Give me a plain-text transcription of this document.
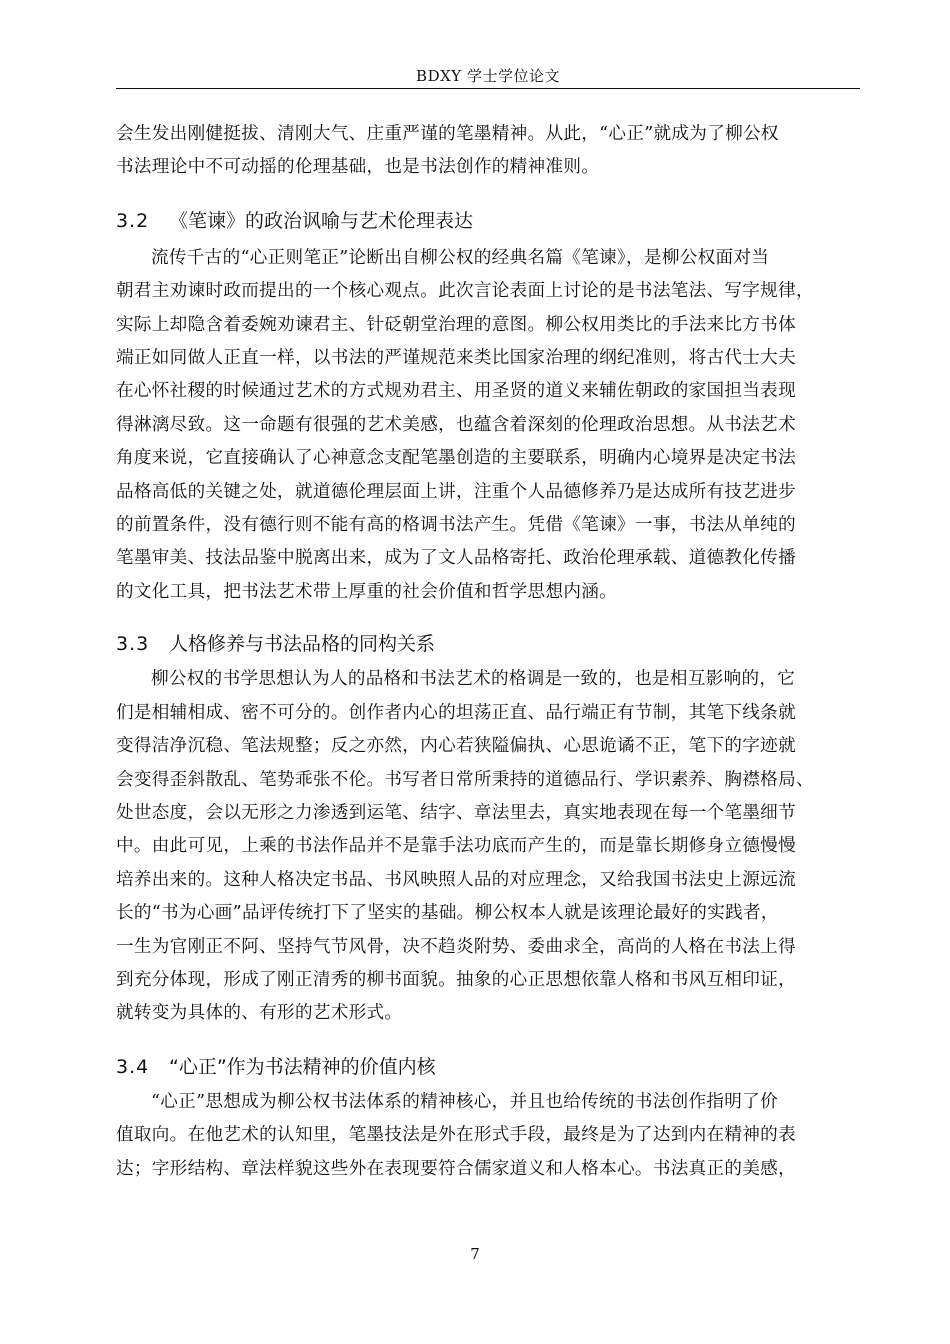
BDXY 学士学位论文

会生发出刚健挺拔、清刚大气、庄重严谨的笔墨精神。从此，“心正”就成为了柳公权

书法理论中不可动摇的伦理基础，也是书法创作的精神准则。

3.2 《笔谏》的政治讽喻与艺术伦理表达

流传千古的“心正则笔正”论断出自柳公权的经典名篇《笔谏》，是柳公权面对当

朝君主劝谏时政而提出的一个核心观点。此次言论表面上讨论的是书法笔法、写字规律，

实际上却隐含着委婉劝谏君主、针砭朝堂治理的意图。柳公权用类比的手法来比方书体

端正如同做人正直一样，以书法的严谨规范来类比国家治理的纲纪准则，将古代士大夫

在心怀社稷的时候通过艺术的方式规劝君主、用圣贤的道义来辅佐朝政的家国担当表现

得淋漓尽致。这一命题有很强的艺术美感，也蕴含着深刻的伦理政治思想。从书法艺术

角度来说，它直接确认了心神意念支配笔墨创造的主要联系，明确内心境界是决定书法

品格高低的关键之处，就道德伦理层面上讲，注重个人品德修养乃是达成所有技艺进步

的前置条件，没有德行则不能有高的格调书法产生。凭借《笔谏》一事，书法从单纯的

笔墨审美、技法品鉴中脱离出来，成为了文人品格寄托、政治伦理承载、道德教化传播

的文化工具，把书法艺术带上厚重的社会价值和哲学思想内涵。

3.3 人格修养与书法品格的同构关系

柳公权的书学思想认为人的品格和书法艺术的格调是一致的，也是相互影响的，它

们是相辅相成、密不可分的。创作者内心的坦荡正直、品行端正有节制，其笔下线条就

变得洁净沉稳、笔法规整；反之亦然，内心若狭隘偏执、心思诡谲不正，笔下的字迹就

会变得歪斜散乱、笔势乖张不伦。书写者日常所秉持的道德品行、学识素养、胸襟格局、

处世态度，会以无形之力渗透到运笔、结字、章法里去，真实地表现在每一个笔墨细节

中。由此可见，上乘的书法作品并不是靠手法功底而产生的，而是靠长期修身立德慢慢

培养出来的。这种人格决定书品、书风映照人品的对应理念，又给我国书法史上源远流

长的“书为心画”品评传统打下了坚实的基础。柳公权本人就是该理论最好的实践者，

一生为官刚正不阿、坚持气节风骨，决不趋炎附势、委曲求全，高尚的人格在书法上得

到充分体现，形成了刚正清秀的柳书面貌。抽象的心正思想依靠人格和书风互相印证，

就转变为具体的、有形的艺术形式。

3.4 “心正”作为书法精神的价值内核

“心正”思想成为柳公权书法体系的精神核心，并且也给传统的书法创作指明了价

值取向。在他艺术的认知里，笔墨技法是外在形式手段，最终是为了达到内在精神的表

达；字形结构、章法样貌这些外在表现要符合儒家道义和人格本心。书法真正的美感，

7
